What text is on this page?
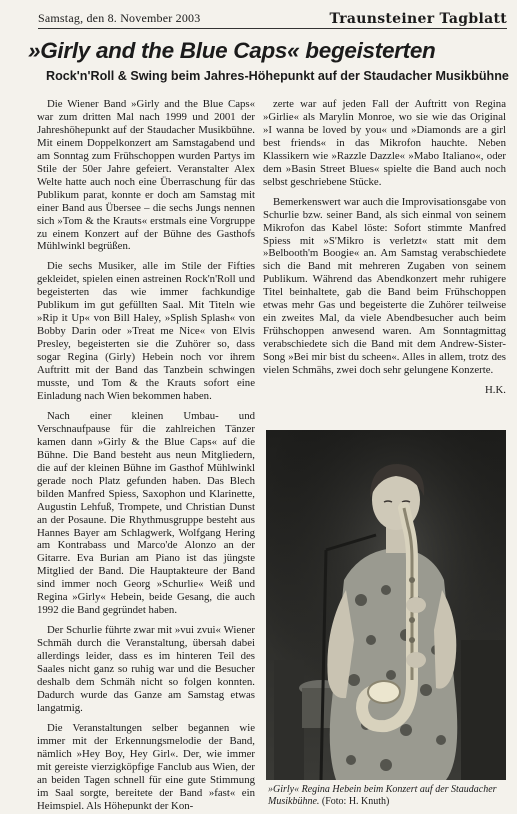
Samstag, den 8. November 2003	Traunsteiner Tagblatt
»Girly and the Blue Caps« begeisterten
Rock'n'Roll & Swing beim Jahres-Höhepunkt auf der Staudacher Musikbühne

Die Wiener Band »Girly and the Blue Caps« war zum dritten Mal nach 1999 und 2001 der Jahreshöhepunkt auf der Staudacher Musikbühne. Mit einem Doppelkonzert am Samstagabend und am Sonntag zum Frühschoppen wurden Partys im Stile der 50er Jahre gefeiert. Veranstalter Alex Welte hatte auch noch eine Überraschung für das Publikum parat, konnte er doch am Samstag mit einer Band aus Übersee – die sechs Jungs nennen sich »Tom & the Krauts« erstmals eine Vorgruppe zu einem Konzert auf der Bühne des Gasthofs Mühlwinkl begrüßen.

Die sechs Musiker, alle im Stile der Fifties gekleidet, spielen einen astreinen Rock'n'Roll und begeisterten das wie immer fachkundige Publikum im gut gefüllten Saal. Mit Titeln wie »Rip it Up« von Bill Haley, »Splish Splash« von Bobby Darin oder »Treat me Nice« von Elvis Presley, begeisterten sie die Zuhörer so, dass sogar Regina (Girly) Hebein noch vor ihrem Auftritt mit der Band das Tanzbein schwingen musste, und Tom & the Krauts sofort eine Einladung nach Wien bekommen haben.

Nach einer kleinen Umbau- und Verschnaufpause für die zahlreichen Tänzer kamen dann »Girly & the Blue Caps« auf die Bühne. Die Band besteht aus neun Mitgliedern, die auf der kleinen Bühne im Gasthof Mühlwinkl gerade noch Platz gefunden haben. Das Blech bilden Manfred Spiess, Saxophon und Klarinette, Augustin Lehfuß, Trompete, und Christian Dunst an der Posaune. Die Rhythmusgruppe besteht aus Hannes Bayer am Schlagwerk, Wolfgang Hering am Kontrabass und Marco'de Alonzo an der Gitarre. Eva Burian am Piano ist das jüngste Mitglied der Band. Die Hauptakteure der Band sind immer noch Georg »Schurlie« Weiß und Regina »Girly« Hebein, beide Gesang, die auch 1992 die Band gegründet haben.

Der Schurlie führte zwar mit »vui zvui« Wiener Schmäh durch die Veranstaltung, übersah dabei allerdings leider, dass es im hinteren Teil des Saales nicht ganz so ruhig war und die Besucher deshalb dem Schmäh nicht so folgen konnten. Dadurch wurde das Ganze am Samstag etwas langatmig.

Die Veranstaltungen selber begannen wie immer mit der Erkennungsmelodie der Band, nämlich »Hey Boy, Hey Girl«. Der, wie immer mit gereiste vierzigköpfige Fanclub aus Wien, der an beiden Tagen schnell für eine gute Stimmung im Saal sorgte, bereitete der Band »fast« ein Heimspiel. Als Höhepunkt der Kon-

zerte war auf jeden Fall der Auftritt von Regina »Girlie« als Marylin Monroe, wo sie wie das Original »I wanna be loved by you« und »Diamonds are a girl best friends« in das Mikrofon hauchte. Neben Klassikern wie »Razzle Dazzle« »Mabo Italiano«, oder dem »Basin Street Blues« spielte die Band auch noch selbst geschriebene Stücke.

Bemerkenswert war auch die Improvisationsgabe von Schurlie bzw. seiner Band, als sich einmal von seinem Mikrofon das Kabel löste: Sofort stimmte Manfred Spiess mit »S'Mikro is verletzt« statt mit dem »Belbooth'm Boogie« an. Am Samstag verabschiedete sich die Band mit mehreren Zugaben von seinem Publikum. Während das Abendkonzert mehr ruhigere Titel beinhaltete, gab die Band beim Frühschoppen etwas mehr Gas und begeisterte die Zuhörer teilweise ein zweites Mal, da viele Abendbesucher auch beim Frühschoppen anwesend waren. Am Sonntagmittag verabschiedete sich die Band mit dem Andrew-Sister-Song »Bei mir bist du scheen«. Alles in allem, trotz des vielen Schmähs, zwei doch sehr gelungene Konzerte.

H.K.
»Girly« Regina Hebein beim Konzert auf der Staudacher Musikbühne. (Foto: H. Knuth)
